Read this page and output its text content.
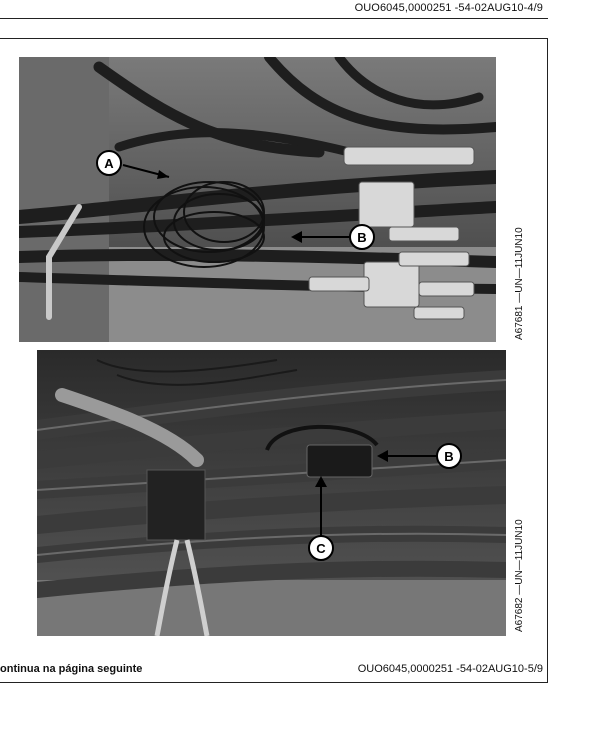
OUO6045,0000251 -54-02AUG10-4/9
A
B	A67681 —UN—11JUN10
B
C	A67682 —UN—11JUN10
ontinua na página seguinte	OUO6045,0000251 -54-02AUG10-5/9
